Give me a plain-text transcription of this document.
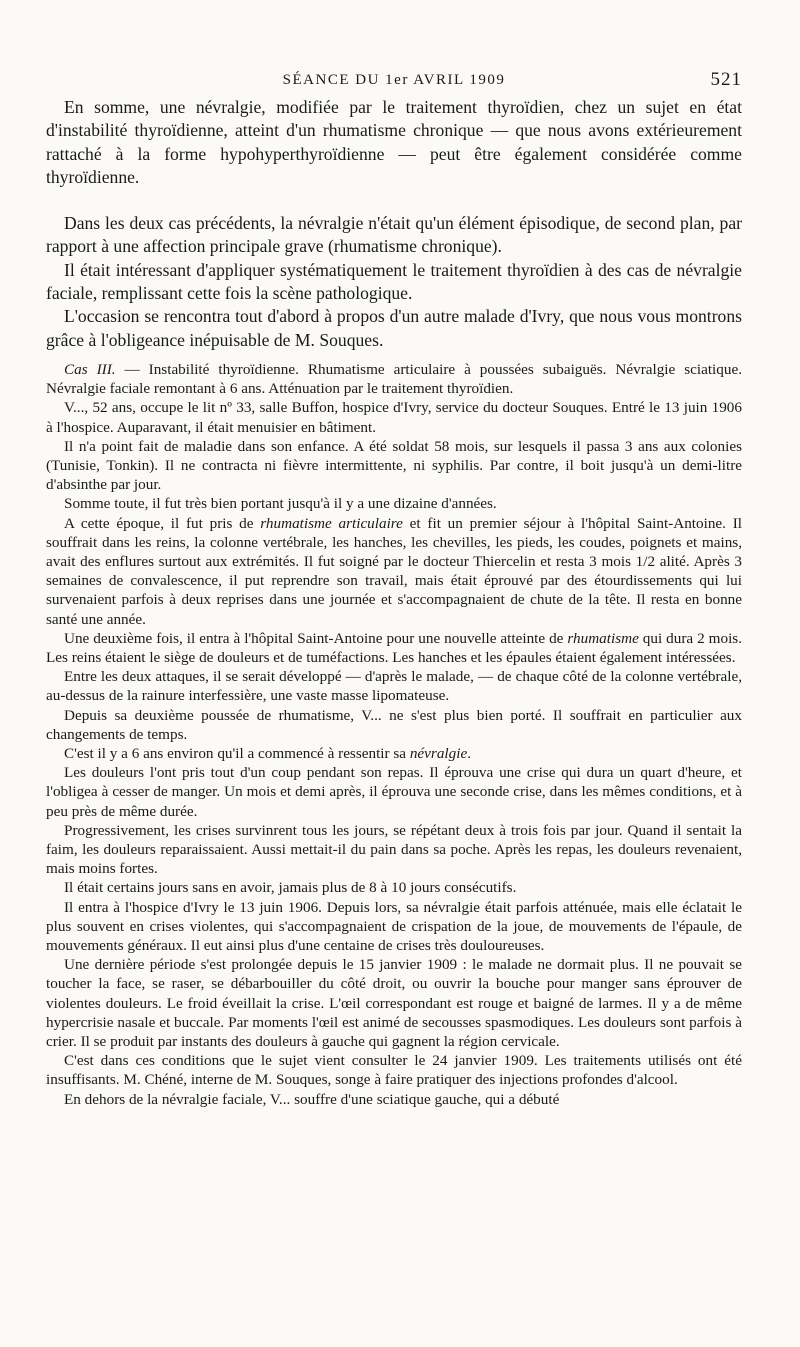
SÉANCE DU 1er AVRIL 1909	521

En somme, une névralgie, modifiée par le traitement thyroïdien, chez un sujet en état d'instabilité thyroïdienne, atteint d'un rhumatisme chronique — que nous avons extérieurement rattaché à la forme hypohyperthyroïdienne — peut être également considérée comme thyroïdienne.

Dans les deux cas précédents, la névralgie n'était qu'un élément épisodique, de second plan, par rapport à une affection principale grave (rhumatisme chronique).

Il était intéressant d'appliquer systématiquement le traitement thyroïdien à des cas de névralgie faciale, remplissant cette fois la scène pathologique.

L'occasion se rencontra tout d'abord à propos d'un autre malade d'Ivry, que nous vous montrons grâce à l'obligeance inépuisable de M. Souques.

Cas III. — Instabilité thyroïdienne. Rhumatisme articulaire à poussées subaiguës. Névralgie sciatique. Névralgie faciale remontant à 6 ans. Atténuation par le traitement thyroïdien.

V..., 52 ans, occupe le lit nº 33, salle Buffon, hospice d'Ivry, service du docteur Souques. Entré le 13 juin 1906 à l'hospice. Auparavant, il était menuisier en bâtiment.

Il n'a point fait de maladie dans son enfance. A été soldat 58 mois, sur lesquels il passa 3 ans aux colonies (Tunisie, Tonkin). Il ne contracta ni fièvre intermittente, ni syphilis. Par contre, il boit jusqu'à un demi-litre d'absinthe par jour.

Somme toute, il fut très bien portant jusqu'à il y a une dizaine d'années.

A cette époque, il fut pris de rhumatisme articulaire et fit un premier séjour à l'hôpital Saint-Antoine. Il souffrait dans les reins, la colonne vertébrale, les hanches, les chevilles, les pieds, les coudes, poignets et mains, avait des enflures surtout aux extrémités. Il fut soigné par le docteur Thiercelin et resta 3 mois 1/2 alité. Après 3 semaines de convalescence, il put reprendre son travail, mais était éprouvé par des étourdissements qui lui survenaient parfois à deux reprises dans une journée et s'accompagnaient de chute de la tête. Il resta en bonne santé une année.

Une deuxième fois, il entra à l'hôpital Saint-Antoine pour une nouvelle atteinte de rhumatisme qui dura 2 mois. Les reins étaient le siège de douleurs et de tuméfactions. Les hanches et les épaules étaient également intéressées.

Entre les deux attaques, il se serait développé — d'après le malade, — de chaque côté de la colonne vertébrale, au-dessus de la rainure interfessière, une vaste masse lipomateuse.

Depuis sa deuxième poussée de rhumatisme, V... ne s'est plus bien porté. Il souffrait en particulier aux changements de temps.

C'est il y a 6 ans environ qu'il a commencé à ressentir sa névralgie.

Les douleurs l'ont pris tout d'un coup pendant son repas. Il éprouva une crise qui dura un quart d'heure, et l'obligea à cesser de manger. Un mois et demi après, il éprouva une seconde crise, dans les mêmes conditions, et à peu près de même durée.

Progressivement, les crises survinrent tous les jours, se répétant deux à trois fois par jour. Quand il sentait la faim, les douleurs reparaissaient. Aussi mettait-il du pain dans sa poche. Après les repas, les douleurs revenaient, mais moins fortes.

Il était certains jours sans en avoir, jamais plus de 8 à 10 jours consécutifs.

Il entra à l'hospice d'Ivry le 13 juin 1906. Depuis lors, sa névralgie était parfois atténuée, mais elle éclatait le plus souvent en crises violentes, qui s'accompagnaient de crispation de la joue, de mouvements de l'épaule, de mouvements généraux. Il eut ainsi plus d'une centaine de crises très douloureuses.

Une dernière période s'est prolongée depuis le 15 janvier 1909 : le malade ne dormait plus. Il ne pouvait se toucher la face, se raser, se débarbouiller du côté droit, ou ouvrir la bouche pour manger sans éprouver de violentes douleurs. Le froid éveillait la crise. L'œil correspondant est rouge et baigné de larmes. Il y a de même hypercrisie nasale et buccale. Par moments l'œil est animé de secousses spasmodiques. Les douleurs sont parfois à crier. Il se produit par instants des douleurs à gauche qui gagnent la région cervicale.

C'est dans ces conditions que le sujet vient consulter le 24 janvier 1909. Les traitements utilisés ont été insuffisants. M. Chéné, interne de M. Souques, songe à faire pratiquer des injections profondes d'alcool.

En dehors de la névralgie faciale, V... souffre d'une sciatique gauche, qui a débuté
